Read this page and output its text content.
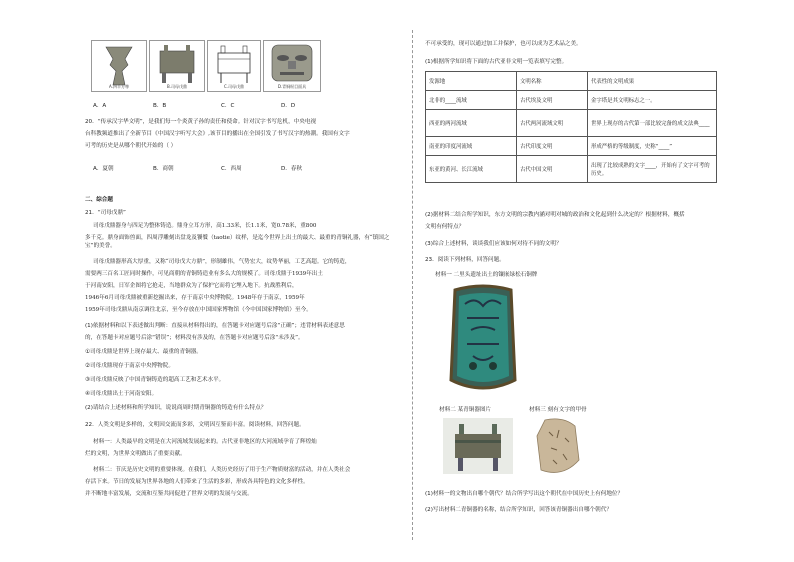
A.四羊方尊	B.司母戊鼎	C.司母戊鼎	D.青铜纵目面具
A．A	B．B	C．C	D．D
20．“传承汉字华文明”，是我们每一个炎黄子孙的责任和使命。针对汉字书写危机，中央电视
台科教频道推出了全新节目《中国汉字听写大会》,该节目的播出在全国引发了书写汉字的热潮。我国有文字
可考的历史是从哪个朝代开始的（ ）
A．夏朝	B．商朝	C．西周	D．春秋
二、综合题
21．“司母戊鼎”
司母戊鼎器身与四足为整体铸造。鼎身立耳方形，高1.33米，长1.1米，宽0.78米，重800
多千克。鼎身面饰兽面，四周浮雕刻出盘龙及饕餮（taotie）纹样，是迄今世界上出土的最大、最重的青铜礼器，有“镇国之宝”的美誉。
司母戊鼎器形高大厚重，又称“司母戊大方鼎”，形制雄伟，气势宏大，纹势华丽，工艺高超。它的铸造，
需要两三百名工匠同时操作，可见商朝的青铜铸造业有多么大的规模了。司母戊鼎于1939年出土
于河南安阳，日军企图将它抢走，当地群众为了保护它而将它埋入地下。抗战胜利后，
1946年6月司母戊鼎被重新挖掘出来，存于南京中央博物院。1948年存于南京，1959年
1959年司母戊鼎从南京调往北京，至今存放在中国国家博物馆（今中国国家博物馆）至今。
(1)依据材料和以下表述做出判断：直接从材料得出的，在答题卡对应题号后涂“正确”；违背材料表述意思
的，在答题卡对应题号后涂“错误”；材料没有涉及的，在答题卡对应题号后涂“未涉及”。
①司母戊鼎是世界上现存最大、最重的青铜器。
②司母戊鼎现存于南京中央博物院。
③司母戊鼎反映了中国青铜铸造的超高工艺和艺术水平。
④司母戊鼎出土于河南安阳。
(2)请结合上述材料和所学知识，说说商周时期青铜器的铸造有什么特点？
22．人类文明是多样的，文明因交流而多彩，文明因互鉴而丰富。阅读材料，回答问题。
材料一：人类最早的文明是在大河流域发展起来的。古代亚非地区的大河流域孕育了辉煌灿
烂的文明，为世界文明做出了重要贡献。
材料二：节庆是历史文明的重要体现。在我们，人类历史经历了用于生产物质财富的活动，并在人类社会
存活下来。节日的发展为世界各地的人们带来了生活的多彩，形成各具特色的文化多样性。
并不断地丰富发展，交流和互鉴共同促进了世界文明的发展与交流。
不可承受的，现可以通过加工并保护，也可以成为艺术品之美。
(1)根据所学知识将下面的古代亚非文明一览表填写完整。
发源地	文明名称	代表性的文明成果
北非的____流域	古代埃及文明	金字塔是其文明标志之一。
西亚的两河流域	古代两河流域文明	世界上现存的古代第一部比较完备的成文法典____
南亚的印度河流域	古代印度文明	形成严格的等级制度，史称“____”
东亚的黄河、长江流域	古代中国文明	出现了比较成熟的文字____，开始有了文字可考的历史。
(2)据材料二结合所学知识，东方文明的宗教内涵对明对城的政治和文化起到什么决定的？根据材料，概括
文明有何特点？
(3)综合上述材料，谈谈我们应该如何对待不同的文明？
23．阅读下列材料，回答问题。
材料一 二里头遗址出土的镶嵌绿松石铜牌
材料二 某青铜器图片	材料三 刻有文字的甲骨
(1)材料一的文物出自哪个朝代？结合所学写出这个朝代在中国历史上有何地位？
(2)写出材料二青铜器的名称，结合所学知识，回答该青铜器出自哪个朝代？
